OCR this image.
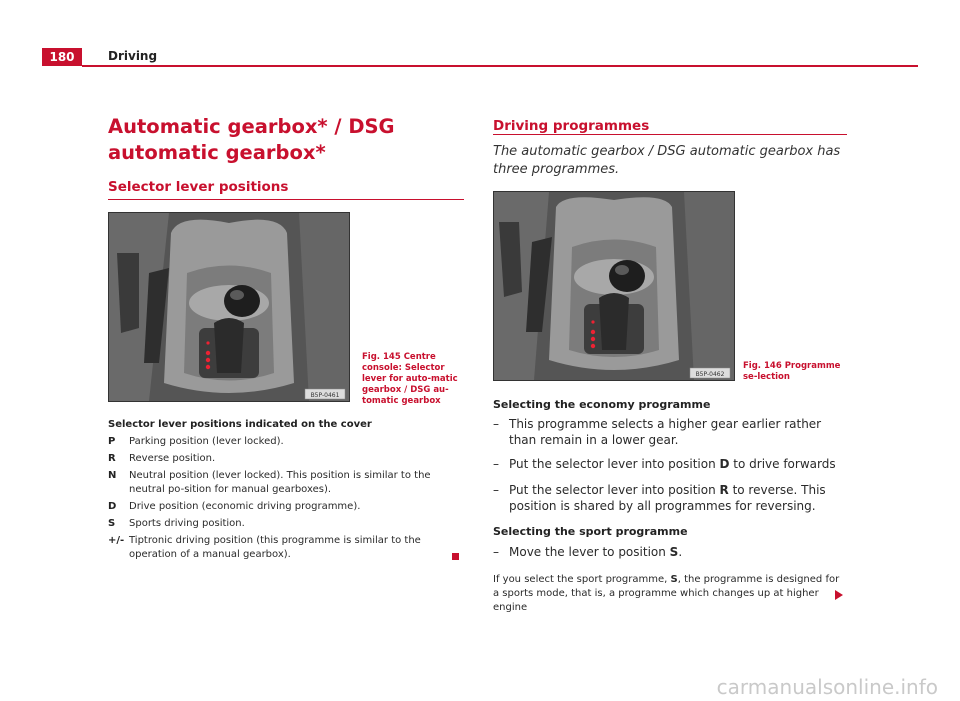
180	Driving
Automatic gearbox* / DSG automatic gearbox*
Selector lever positions
B5P-0461
Fig. 145 Centre console: Selector lever for auto-matic gearbox / DSG au-tomatic gearbox
Selector lever positions indicated on the cover
P Parking position (lever locked).
R Reverse position.
N Neutral position (lever locked). This position is similar to the neutral po-sition for manual gearboxes).
D Drive position (economic driving programme).
S Sports driving position.
+/- Tiptronic driving position (this programme is similar to the operation of a manual gearbox).
Driving programmes
The automatic gearbox / DSG automatic gearbox has three programmes.
B5P-0462
Fig. 146 Programme se-lection
Selecting the economy programme
– This programme selects a higher gear earlier rather than remain in a lower gear.
– Put the selector lever into position D to drive forwards
– Put the selector lever into position R to reverse. This position is shared by all programmes for reversing.
Selecting the sport programme
– Move the lever to position S.
If you select the sport programme, S, the programme is designed for a sports mode, that is, a programme which changes up at higher engine
carmanualsonline.info
